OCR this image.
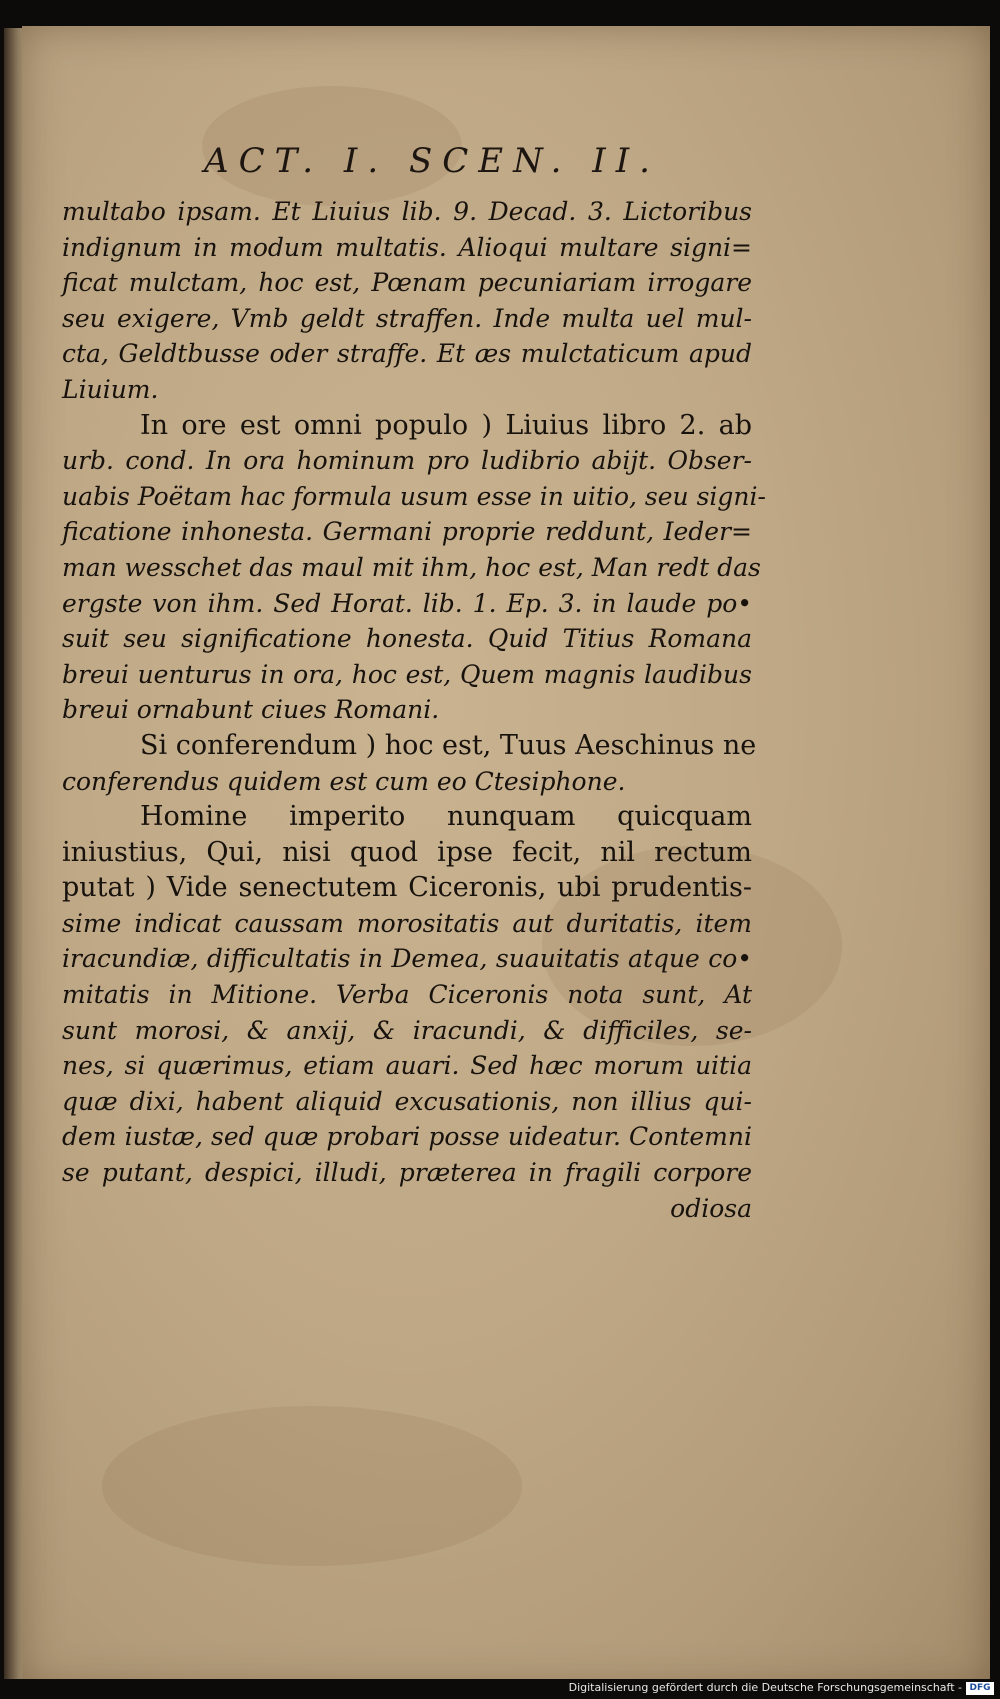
ACT. I. SCEN. II.
multabo ipsam. Et Liuius lib. 9. Decad. 3. Lictoribus
indignum in modum multatis. Alioqui multare signi=
ficat mulctam, hoc est, Pœnam pecuniariam irrogare
seu exigere, Vmb geldt straffen. Inde multa uel mul-
cta, Geldtbusse oder straffe. Et æs mulctaticum apud
Liuium.
In ore est omni populo ) Liuius libro 2. ab
urb. cond. In ora hominum pro ludibrio abijt. Obser-
uabis Poëtam hac formula usum esse in uitio, seu signi-
ficatione inhonesta. Germani proprie reddunt, Ieder=
man wesschet das maul mit ihm, hoc est, Man redt das
ergste von ihm. Sed Horat. lib. 1. Ep. 3. in laude po•
suit seu significatione honesta. Quid Titius Romana
breui uenturus in ora, hoc est, Quem magnis laudibus
breui ornabunt ciues Romani.
Si conferendum ) hoc est, Tuus Aeschinus ne
conferendus quidem est cum eo Ctesiphone.
Homine imperito nunquam quicquam
iniustius, Qui, nisi quod ipse fecit, nil rectum
putat ) Vide senectutem Ciceronis, ubi prudentis-
sime indicat caussam morositatis aut duritatis, item
iracundiæ, difficultatis in Demea, suauitatis atque co•
mitatis in Mitione. Verba Ciceronis nota sunt, At
sunt morosi, & anxij, & iracundi, & difficiles, se-
nes, si quærimus, etiam auari. Sed hæc morum uitia
quæ dixi, habent aliquid excusationis, non illius qui-
dem iustæ, sed quæ probari posse uideatur. Contemni
se putant, despici, illudi, præterea in fragili corpore
odiosa
Digitalisierung gefördert durch die Deutsche Forschungsgemeinschaft - DFG
